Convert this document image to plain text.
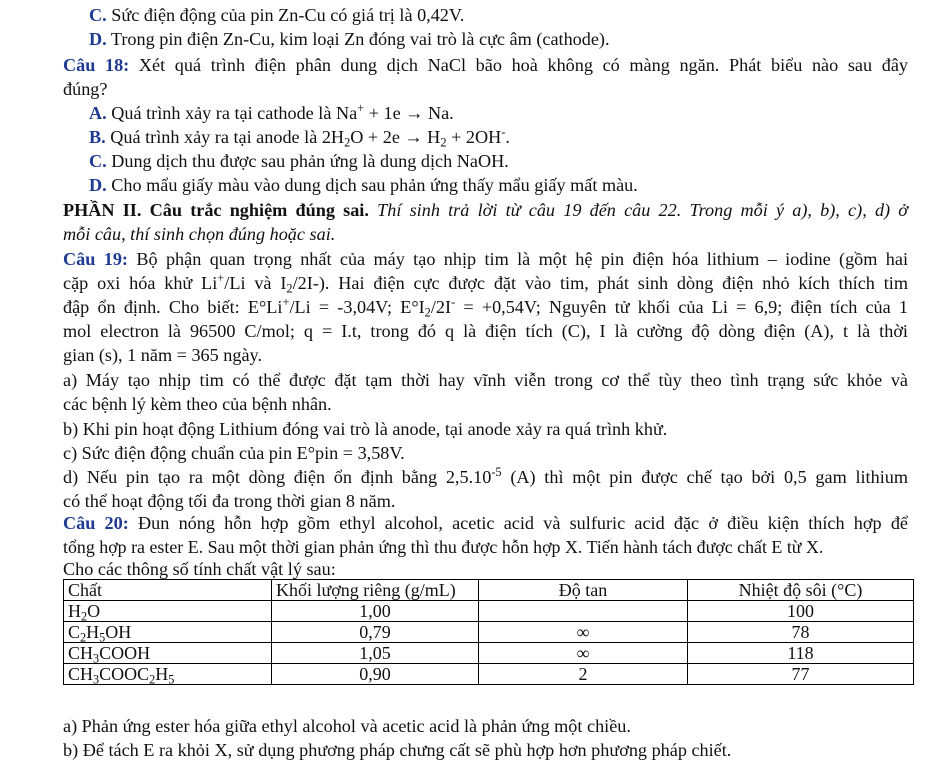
C. Sức điện động của pin Zn-Cu có giá trị là 0,42V.
D. Trong pin điện Zn-Cu, kim loại Zn đóng vai trò là cực âm (cathode).
Câu 18: Xét quá trình điện phân dung dịch NaCl bão hoà không có màng ngăn. Phát biểu nào sau đây
đúng?
A. Quá trình xảy ra tại cathode là Na+ + 1e → Na.
B. Quá trình xảy ra tại anode là $2H_2O + 2e \to H_2 + 2OH^-$.
C. Dung dịch thu được sau phản ứng là dung dịch NaOH.
D. Cho mẩu giấy màu vào dung dịch sau phản ứng thấy mẩu giấy mất màu.
PHẦN II. Câu trắc nghiệm đúng sai. Thí sinh trả lời từ câu 19 đến câu 22. Trong mỗi ý a), b), c), d) ở
mỗi câu, thí sinh chọn đúng hoặc sai.
Câu 19: Bộ phận quan trọng nhất của máy tạo nhịp tim là một hệ pin điện hóa lithium – iodine (gồm hai
cặp oxi hóa khử Li+/Li và $I_2/2I-$). Hai điện cực được đặt vào tim, phát sinh dòng điện nhỏ kích thích tim
đập ổn định. Cho biết: E°Li+/Li = -3,04V; $E^\circ I_2/2I^- = +0,54V$; Nguyên tử khối của Li = 6,9; điện tích của 1
mol electron là 96500 C/mol; q = I.t, trong đó q là điện tích (C), I là cường độ dòng điện (A), t là thời
gian (s), 1 năm = 365 ngày.
a) Máy tạo nhịp tim có thể được đặt tạm thời hay vĩnh viễn trong cơ thể tùy theo tình trạng sức khỏe và
các bệnh lý kèm theo của bệnh nhân.
b) Khi pin hoạt động Lithium đóng vai trò là anode, tại anode xảy ra quá trình khử.
c) Sức điện động chuẩn của pin E°pin = 3,58V.
d) Nếu pin tạo ra một dòng điện ổn định bằng $2,5.10^{-5}$ (A) thì một pin được chế tạo bởi 0,5 gam lithium
có thể hoạt động tối đa trong thời gian 8 năm.
Câu 20: Đun nóng hỗn hợp gồm ethyl alcohol, acetic acid và sulfuric acid đặc ở điều kiện thích hợp để
tổng hợp ra ester E. Sau một thời gian phản ứng thì thu được hỗn hợp X. Tiến hành tách được chất E từ X.
Cho các thông số tính chất vật lý sau:
Chất	Khối lượng riêng (g/mL)	Độ tan	Nhiệt độ sôi (°C)
$H_2O$	1,00		100
$C_2H_5OH$	0,79	∞	78
$CH_3COOH$	1,05	∞	118
$CH_3COOC_2H_5$	0,90	2	77
a) Phản ứng ester hóa giữa ethyl alcohol và acetic acid là phản ứng một chiều.
b) Để tách E ra khỏi X, sử dụng phương pháp chưng cất sẽ phù hợp hơn phương pháp chiết.
